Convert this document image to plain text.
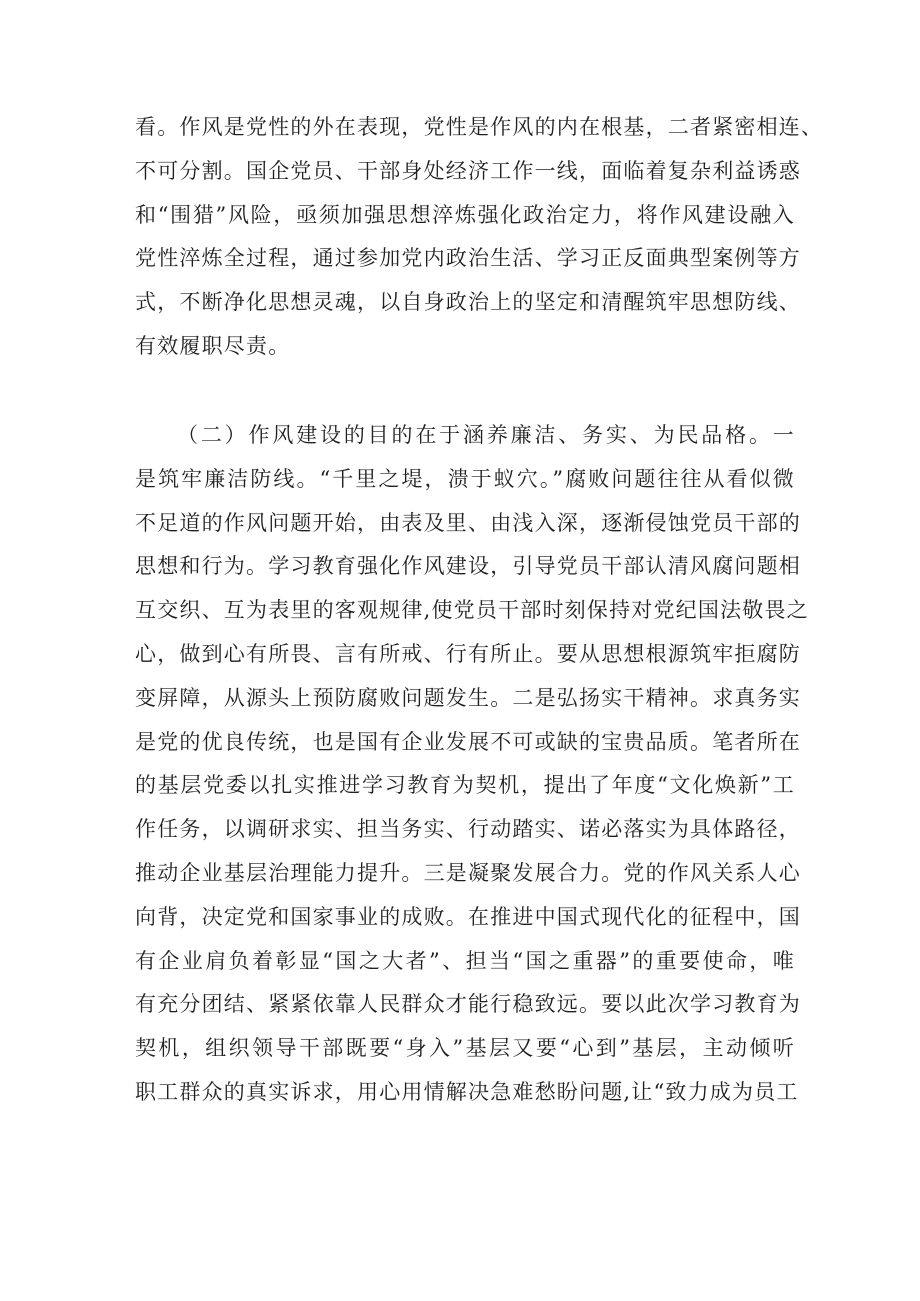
看。作风是党性的外在表现，党性是作风的内在根基，二者紧密相连、
不可分割。国企党员、干部身处经济工作一线，面临着复杂利益诱惑
和“围猎”风险，亟须加强思想淬炼强化政治定力，将作风建设融入
党性淬炼全过程，通过参加党内政治生活、学习正反面典型案例等方
式，不断净化思想灵魂，以自身政治上的坚定和清醒筑牢思想防线、
有效履职尽责。
（二）作风建设的目的在于涵养廉洁、务实、为民品格。一
是筑牢廉洁防线。“千里之堤，溃于蚁穴。”腐败问题往往从看似微
不足道的作风问题开始，由表及里、由浅入深，逐渐侵蚀党员干部的
思想和行为。学习教育强化作风建设，引导党员干部认清风腐问题相
互交织、互为表里的客观规律,使党员干部时刻保持对党纪国法敬畏之
心，做到心有所畏、言有所戒、行有所止。要从思想根源筑牢拒腐防
变屏障，从源头上预防腐败问题发生。二是弘扬实干精神。求真务实
是党的优良传统，也是国有企业发展不可或缺的宝贵品质。笔者所在
的基层党委以扎实推进学习教育为契机，提出了年度“文化焕新”工
作任务，以调研求实、担当务实、行动踏实、诺必落实为具体路径，
推动企业基层治理能力提升。三是凝聚发展合力。党的作风关系人心
向背，决定党和国家事业的成败。在推进中国式现代化的征程中，国
有企业肩负着彰显“国之大者”、担当“国之重器”的重要使命，唯
有充分团结、紧紧依靠人民群众才能行稳致远。要以此次学习教育为
契机，组织领导干部既要“身入”基层又要“心到”基层，主动倾听
职工群众的真实诉求，用心用情解决急难愁盼问题,让“致力成为员工
